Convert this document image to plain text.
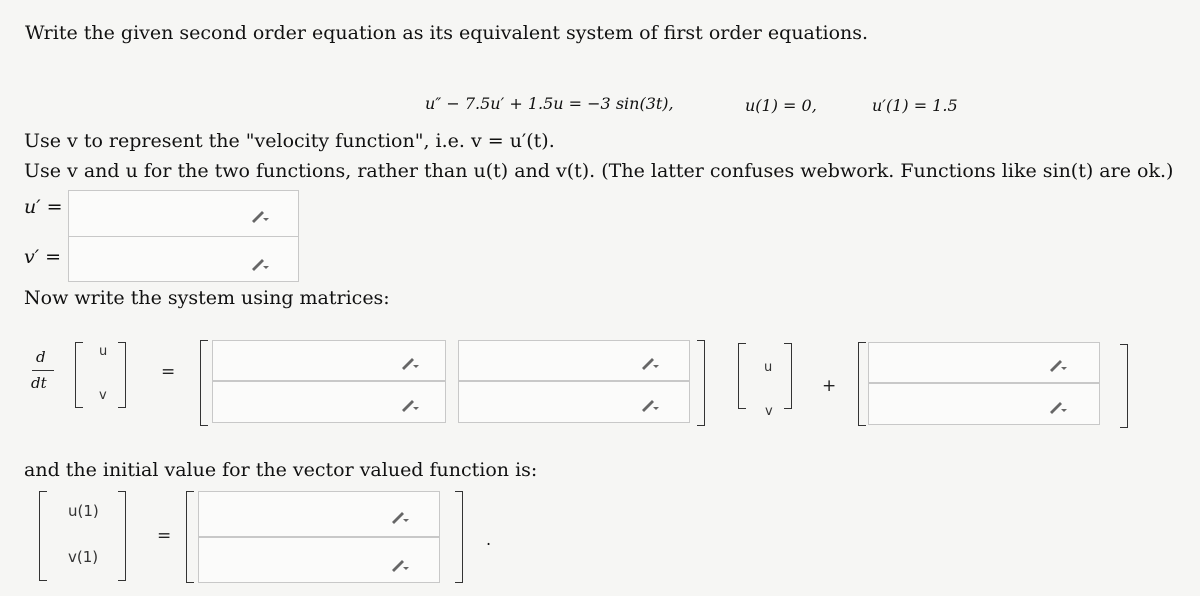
Write the given second order equation as its equivalent system of first order equations.
u″ − 7.5u′ + 1.5u = −3 sin(3t),	u(1) = 0,	u′(1) = 1.5
Use v to represent the "velocity function", i.e. v = u′(t).
Use v and u for the two functions, rather than u(t) and v(t). (The latter confuses webwork. Functions like sin(t) are ok.)
u′ =
v′ =
Now write the system using matrices:
d
dt
u
v
=	u
v
+
and the initial value for the vector valued function is:
u(1)
v(1)
=	.
